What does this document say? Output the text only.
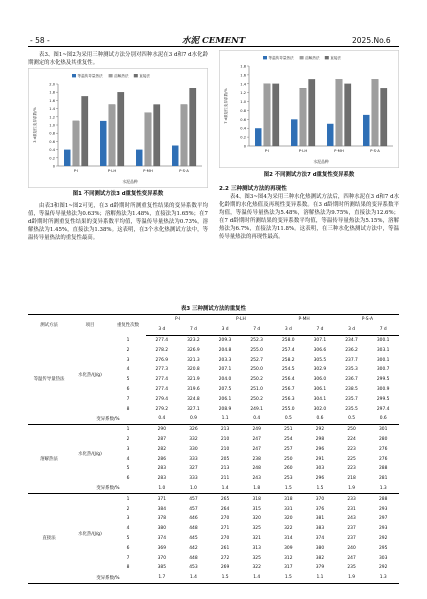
- 58 -	水泥 CEMENT	2025.No.6
表3、图1~图2为采用三种测试方法分别对四种水泥在3 d和7 d水化龄期测定的水化热及其重复性。
0
0.2
0.4
0.6
0.8
1.0
1.2
1.4
1.6
1.8
2.0
P·Ⅰ	P·LH	P·MH	P·S·A
水泥品种
3 d重复性变异系数/%
等温传导量热法	溶解热法	直接法
图1 不同测试方法3 d重复性变异系数
由表3和图1~图2可见，在3 d龄期时所测重复性结果的变异系数平均值，等温传导量热法为0.63%；溶解热法为1.48%，直接法为1.65%；在7 d龄期时所测重复性结果的变异系数平均值，等温传导量热法为0.73%，溶解热法为1.45%，直接法为1.38%。这表明，在3个水化热测试方法中，等温传导量热法的重复性最高。
0
0.2
0.4
0.6
0.8
1.0
1.2
1.4
1.6
1.8
P·Ⅰ	P·LH	P·MH	P·S·A
水泥品种
7 d重复性变异系数/%
等温传导量热法	溶解热法	直接法
图2 不同测试方法7 d重复性变异系数
2.2 三种测试方法的再现性
表4、图3~图4为采用三种水化热测试方法后，四种水泥在3 d和7 d水化龄期的水化热值及再现性变异系数。在3 d龄期时所测结果的变异系数平均值，等温传导量热法为5.48%，溶解热法为9.75%，直接法为12.6%；在7 d龄期时所测结果的变异系数平均值，等温传导量热法为5.15%，溶解热法为6.7%，直接法为11.8%。这表明，在三种水化热测试方法中，等温传导量热法的再现性最高。
表3 三种测试方法的重复性
测试方法	项目	重复性次数	P·Ⅰ		P·LH		P·MH		P·S·A	
			3 d	7 d	3 d	7 d	3 d	7 d	3 d	7 d
等温传导量热法	水化热/(J/g)	1	277.4	323.2	209.3	252.3	258.0	307.1	234.7	300.1
		2	278.2	326.9	204.8	255.0	257.4	306.6	236.2	303.1
		3	276.9	321.3	203.3	252.7	258.2	305.5	237.7	300.1
		4	277.3	320.8	207.1	250.0	254.5	302.9	235.3	300.7
		5	277.4	321.9	204.0	250.2	256.4	306.0	236.7	299.5
		6	277.4	319.6	207.5	251.0	256.7	306.1	238.5	300.9
		7	279.4	324.8	206.1	250.2	256.3	304.1	235.7	299.5
		8	279.2	327.1	208.9	249.1	255.0	302.0	235.5	297.4
	变异系数/%		0.4	0.9	1.1	0.4	0.5	0.6	0.5	0.6
溶解热法	水化热/(J/g)	1	290	326	213	249	251	292	250	301
		2	287	332	210	247	254	298	224	280
		3	282	330	210	247	257	296	223	276
		4	286	333	205	238	250	291	225	276
		5	283	327	213	248	260	303	223	288
		6	283	333	211	243	253	296	218	281
	变异系数/%		1.0	1.0	1.4	1.8	1.5	1.5	1.9	1.3
直接法	水化热/(J/g)	1	371	457	265	318	318	370	233	288
		2	384	457	264	315	331	376	231	293
		3	378	446	270	320	320	381	243	297
		4	380	448	271	325	322	383	237	293
		5	374	445	270	321	314	374	237	292
		6	369	442	261	313	309	380	240	295
		7	370	448	272	325	312	382	247	303
		8	385	453	269	322	317	379	235	292
	变异系数/%		1.7	1.4	1.5	1.4	1.5	1.1	1.9	1.3
